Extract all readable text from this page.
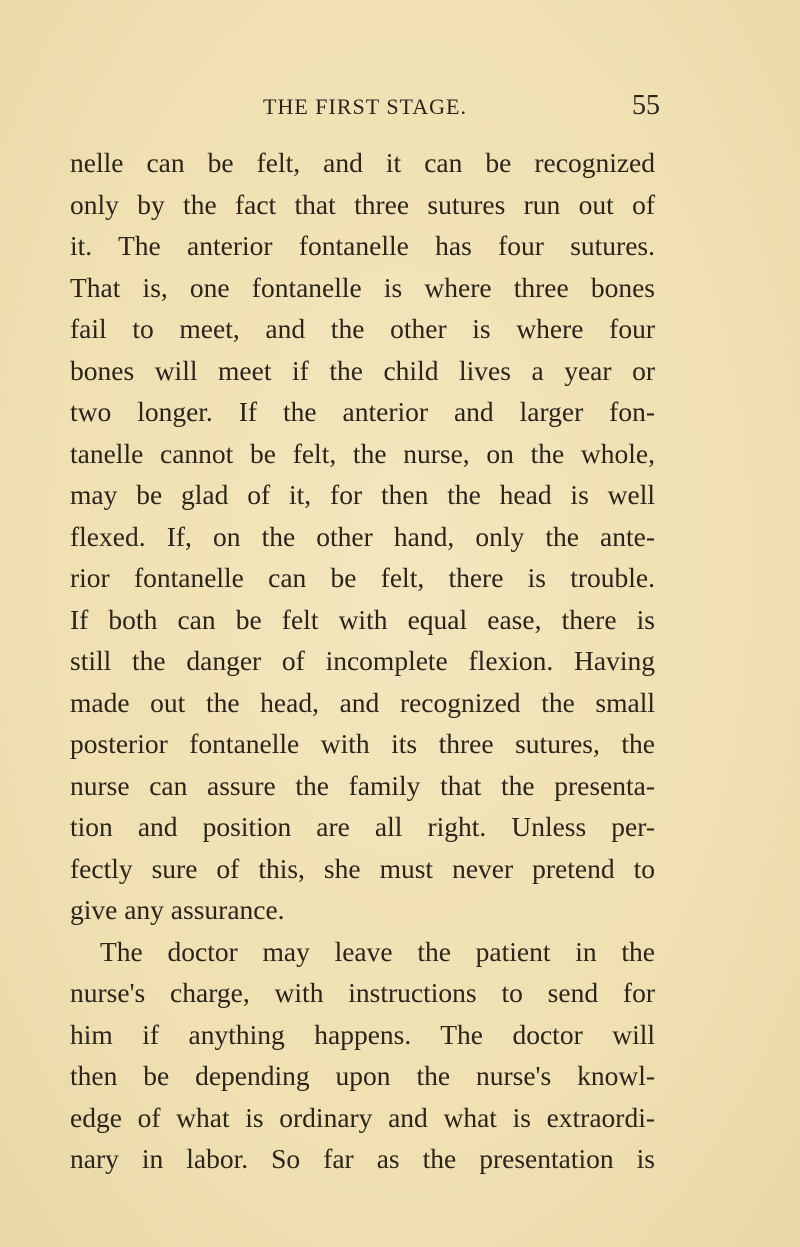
THE FIRST STAGE.	55
nelle can be felt, and it can be recognized
only by the fact that three sutures run out of
it. The anterior fontanelle has four sutures.
That is, one fontanelle is where three bones
fail to meet, and the other is where four
bones will meet if the child lives a year or
two longer. If the anterior and larger fon-
tanelle cannot be felt, the nurse, on the whole,
may be glad of it, for then the head is well
flexed. If, on the other hand, only the ante-
rior fontanelle can be felt, there is trouble.
If both can be felt with equal ease, there is
still the danger of incomplete flexion. Having
made out the head, and recognized the small
posterior fontanelle with its three sutures, the
nurse can assure the family that the presenta-
tion and position are all right. Unless per-
fectly sure of this, she must never pretend to
give any assurance.
The doctor may leave the patient in the
nurse's charge, with instructions to send for
him if anything happens. The doctor will
then be depending upon the nurse's knowl-
edge of what is ordinary and what is extraordi-
nary in labor. So far as the presentation is
